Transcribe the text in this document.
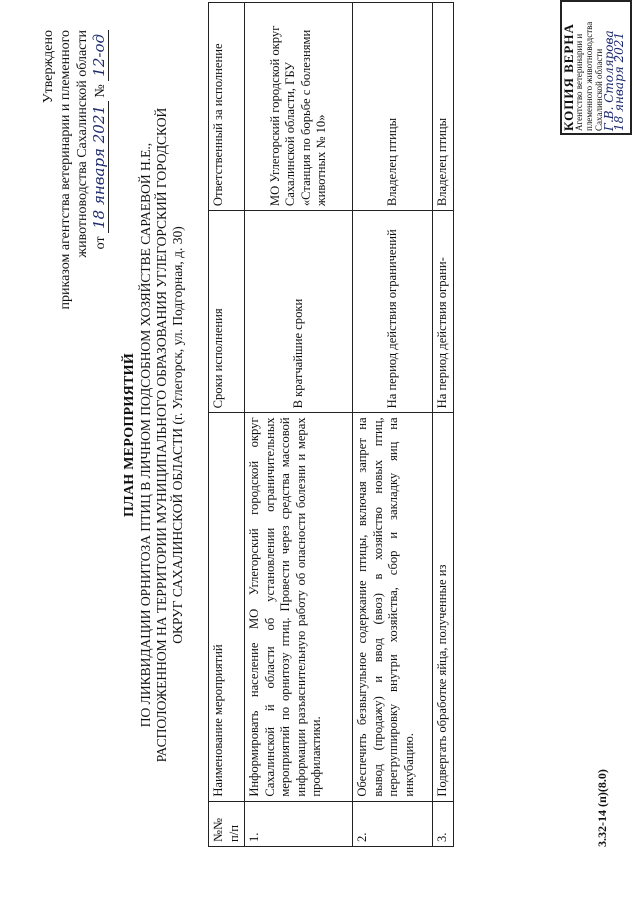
Утверждено приказом агентства ветеринарии и племенного животноводства Сахалинской области от 18 января 2021 № 12-од
ПЛАН МЕРОПРИЯТИЙ ПО ЛИКВИДАЦИИ ОРНИТОЗА ПТИЦ В ЛИЧНОМ ПОДСОБНОМ ХОЗЯЙСТВЕ САРАЕВОЙ Н.Е., РАСПОЛОЖЕННОМ НА ТЕРРИТОРИИ МУНИЦИПАЛЬНОГО ОБРАЗОВАНИЯ УГЛЕГОРСКИЙ ГОРОДСКОЙ ОКРУГ САХАЛИНСКОЙ ОБЛАСТИ (г. Углегорск, ул. Подгорная, д. 30)
№№ п/п	Наименование мероприятий	Сроки исполнения	Ответственный за исполнение
1.	Информировать население МО Углегорский городской округ Сахалинской й области об установлении ограничительных мероприятий по орнитозу птиц. Провести через средства массовой информации разъяснительную работу об опасности болезни и мерах профилактики.	В кратчайшие сроки	МО Углегорский городской округ Сахалинской области, ГБУ «Станция по борьбе с болезнями животных № 10»
2.	Обеспечить безвыгульное содержание птицы, включая запрет на вывод (продажу) и ввод (ввоз) в хозяйство новых птиц, перегруппировку внутри хозяйства, сбор и закладку яиц на инкубацию.	На период действия ограничений	Владелец птицы
3.	Подвергать обработке яйца, полученные из	На период действия ограни-	Владелец птицы
3.32-14 (п)(8.0)
КОПИЯ ВЕРНА
Агентство ветеринарии и племенного животноводства Сахалинской области
Г.В. Столярова
18 января 2021
